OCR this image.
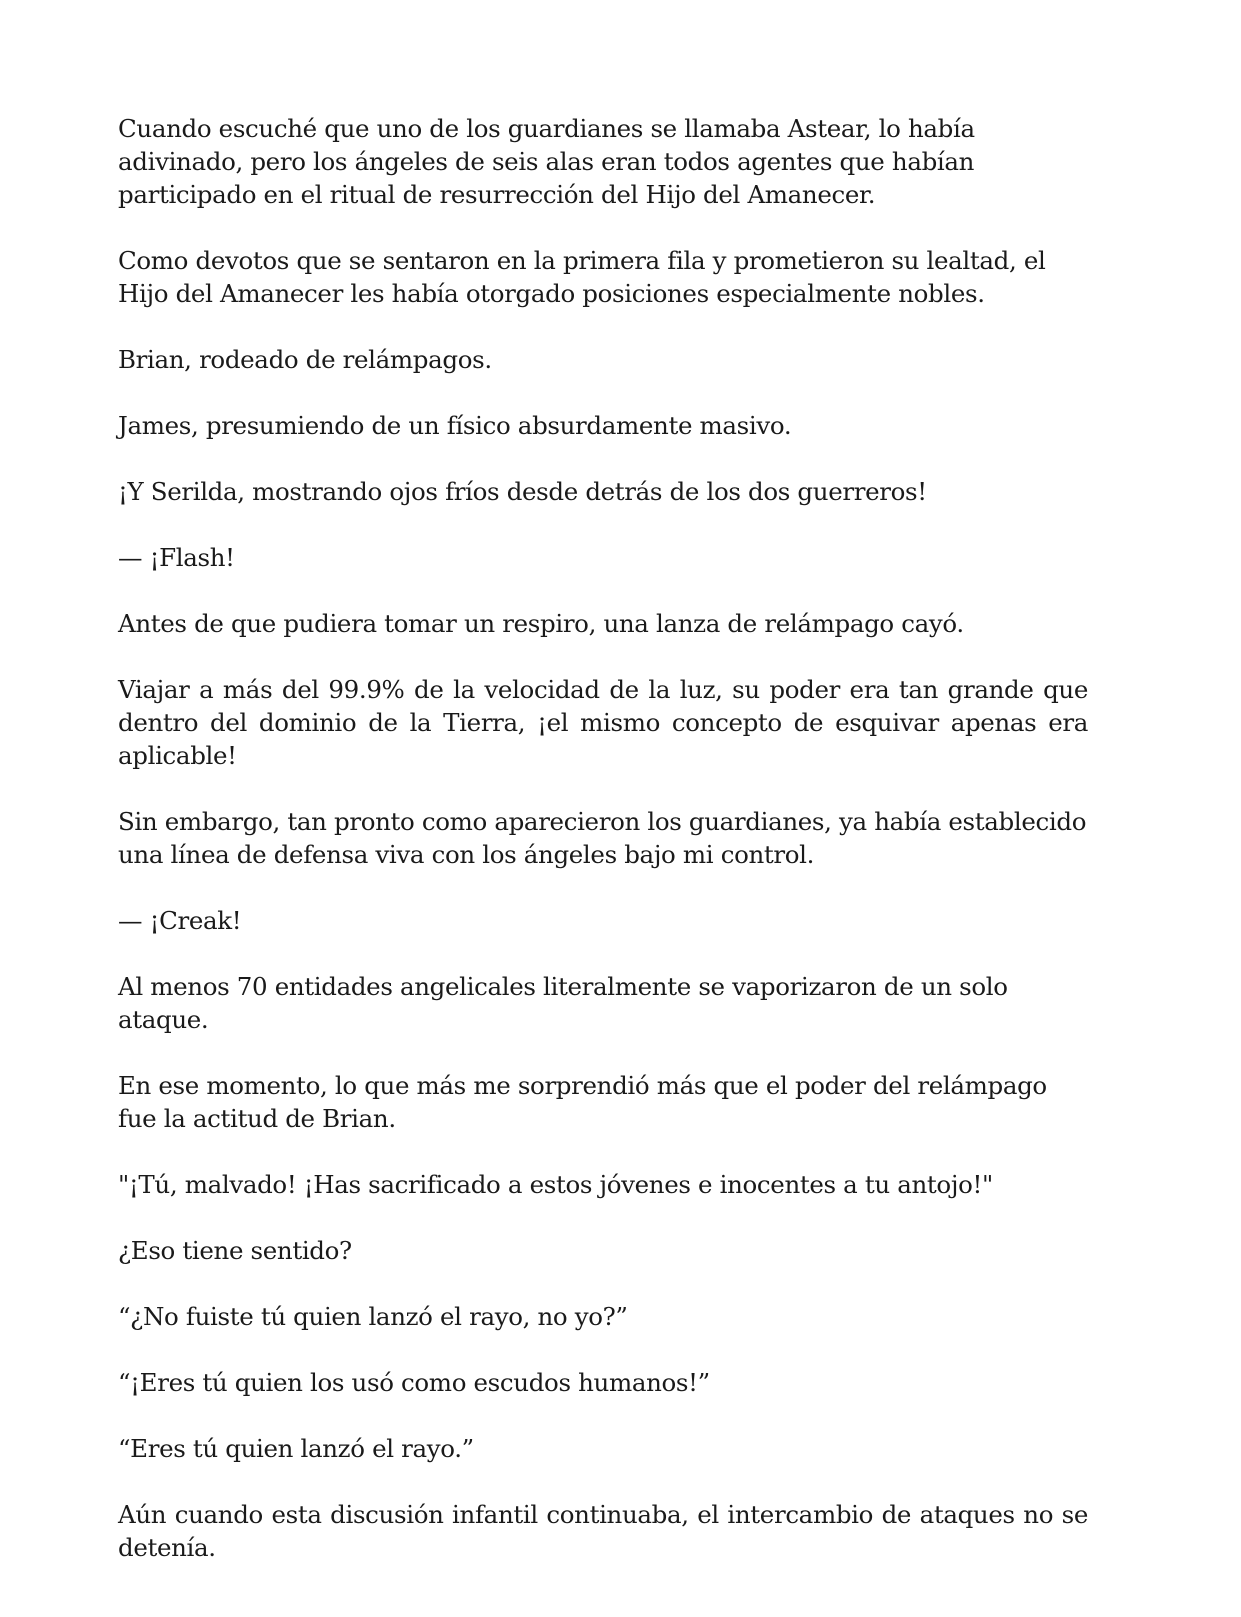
Cuando escuché que uno de los guardianes se llamaba Astear, lo había adivinado, pero los ángeles de seis alas eran todos agentes que habían participado en el ritual de resurrección del Hijo del Amanecer.

Como devotos que se sentaron en la primera fila y prometieron su lealtad, el Hijo del Amanecer les había otorgado posiciones especialmente nobles.

Brian, rodeado de relámpagos.

James, presumiendo de un físico absurdamente masivo.

¡Y Serilda, mostrando ojos fríos desde detrás de los dos guerreros!

— ¡Flash!

Antes de que pudiera tomar un respiro, una lanza de relámpago cayó.

Viajar a más del 99.9% de la velocidad de la luz, su poder era tan grande que dentro del dominio de la Tierra, ¡el mismo concepto de esquivar apenas era aplicable!

Sin embargo, tan pronto como aparecieron los guardianes, ya había establecido una línea de defensa viva con los ángeles bajo mi control.

— ¡Creak!

Al menos 70 entidades angelicales literalmente se vaporizaron de un solo ataque.

En ese momento, lo que más me sorprendió más que el poder del relámpago fue la actitud de Brian.

"¡Tú, malvado! ¡Has sacrificado a estos jóvenes e inocentes a tu antojo!"

¿Eso tiene sentido?

“¿No fuiste tú quien lanzó el rayo, no yo?”

“¡Eres tú quien los usó como escudos humanos!”

“Eres tú quien lanzó el rayo.”

Aún cuando esta discusión infantil continuaba, el intercambio de ataques no se detenía.
